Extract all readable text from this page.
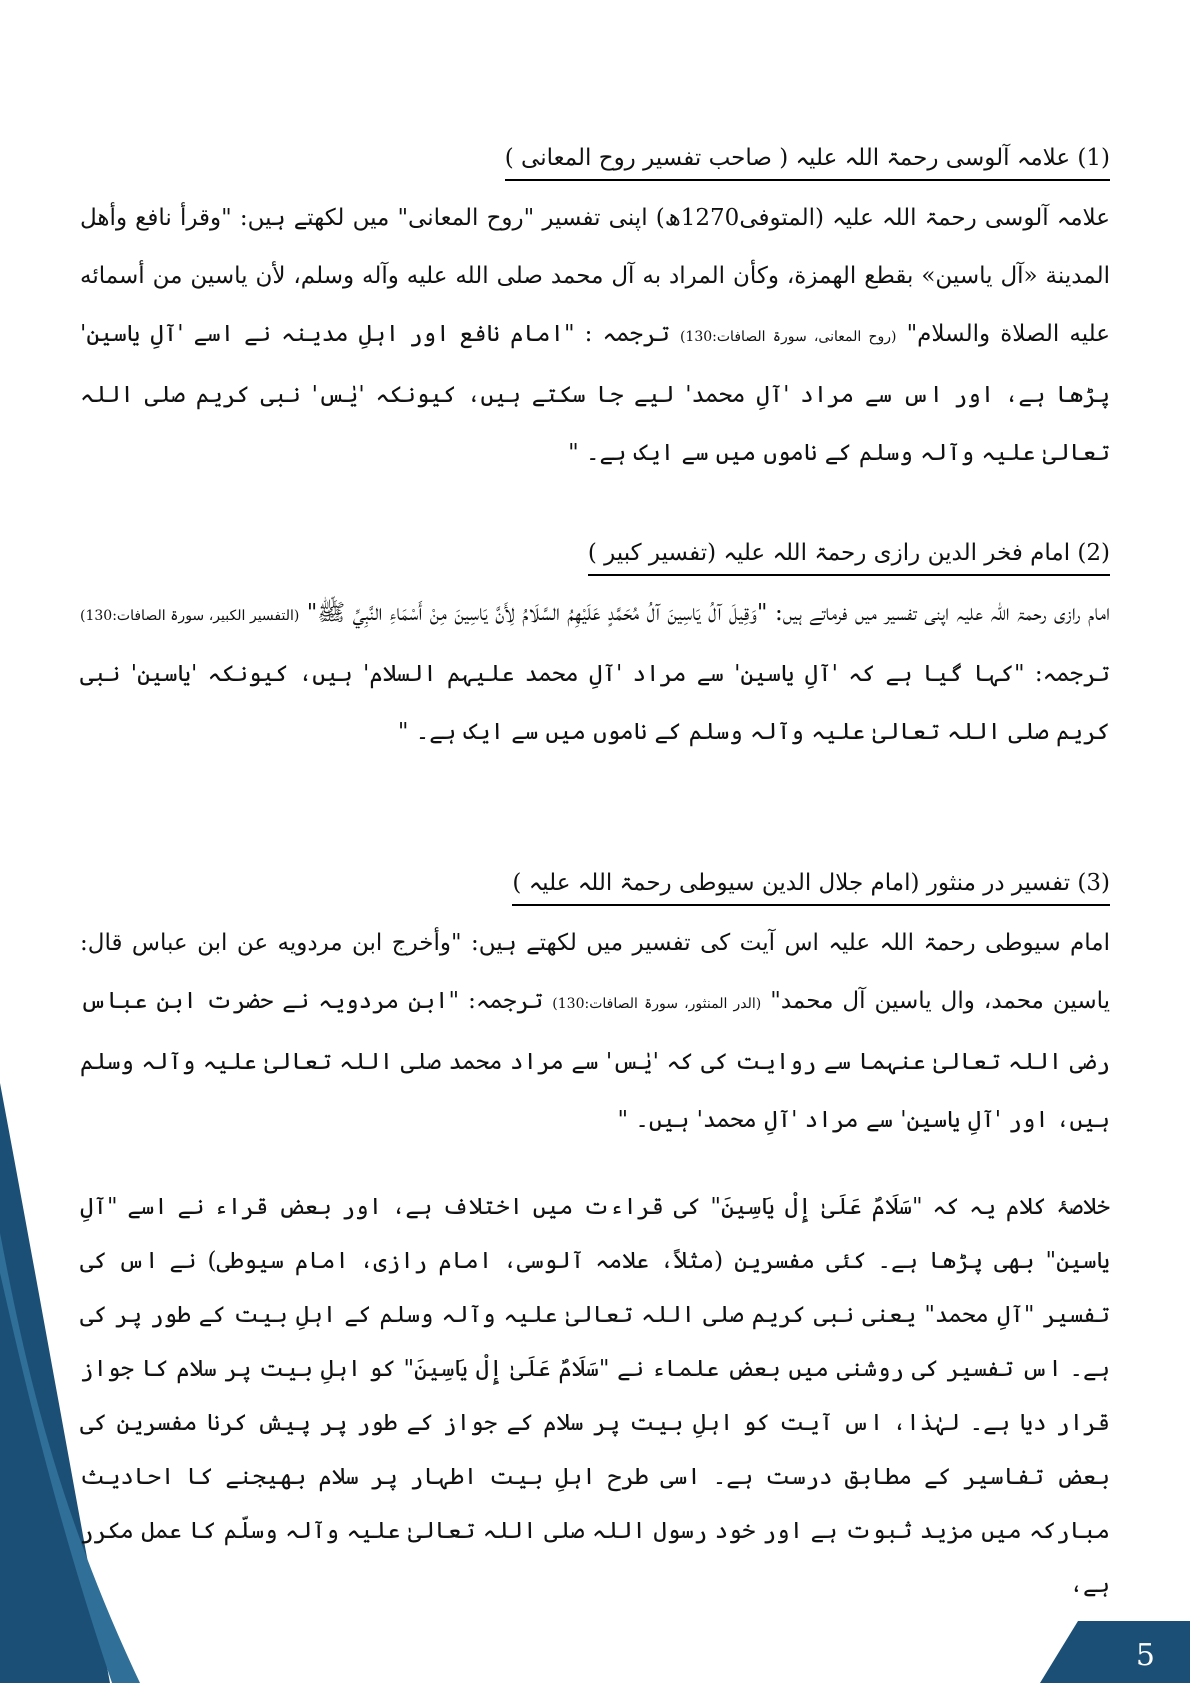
(1) علامہ آلوسی رحمۃ اللہ علیہ ( صاحب تفسیر روح المعانی )
علامہ آلوسی رحمۃ اللہ علیہ (المتوفی1270ھ) اپنی تفسیر "روح المعانی" میں لکھتے ہیں: "وقرأ نافع وأهل المدينة «آل ياسين» بقطع الهمزة، وكأن المراد به آل محمد صلى الله عليه وآله وسلم، لأن ياسين من أسمائه عليه الصلاة والسلام" (روح المعانی، سورۃ الصافات:130) ترجمہ : "امام نافع اور اہلِ مدینہ نے اسے 'آلِ یاسین' پڑھا ہے، اور اس سے مراد 'آلِ محمد' لیے جا سکتے ہیں، کیونکہ 'یٰس' نبی کریم صلی اللہ تعالیٰ علیہ وآلہ وسلم کے ناموں میں سے ایک ہے۔ "
(2) امام فخر الدین رازی رحمۃ اللہ علیہ (تفسیر کبیر )
امام رازی رحمۃ اللہ علیہ اپنی تفسیر میں فرماتے ہیں: "وَقِيلَ آلُ يَاسِينَ آلُ مُحَمَّدٍ عَلَيْهِمُ السَّلَامُ لِأَنَّ يَاسِينَ مِنْ أَسْمَاءِ النَّبِيِّ ﷺ" (التفسیر الکبیر، سورۃ الصافات:130) ترجمہ: "کہا گیا ہے کہ 'آلِ یاسین' سے مراد 'آلِ محمد علیہم السلام' ہیں، کیونکہ 'یاسین' نبی کریم صلی اللہ تعالیٰ علیہ وآلہ وسلم کے ناموں میں سے ایک ہے۔ "
(3) تفسیر در منثور (امام جلال الدین سیوطی رحمۃ اللہ علیہ )
امام سیوطی رحمۃ اللہ علیہ اس آیت کی تفسیر میں لکھتے ہیں: "وأخرج ابن مردويه عن ابن عباس قال: ياسين محمد، وال ياسين آل محمد" (الدر المنثور، سورۃ الصافات:130) ترجمہ: "ابن مردویہ نے حضرت ابن عباس رضی اللہ تعالیٰ عنہما سے روایت کی کہ 'یٰس' سے مراد محمد صلی اللہ تعالیٰ علیہ وآلہ وسلم ہیں، اور 'آلِ یاسین' سے مراد 'آلِ محمد' ہیں۔ "
خلاصۂ کلام یہ کہ "سَلَامٌ عَلَىٰ إِلْ يَاسِينَ" کی قراءت میں اختلاف ہے، اور بعض قراء نے اسے "آلِ یاسین" بھی پڑھا ہے۔ کئی مفسرین (مثلاً، علامہ آلوسی، امام رازی، امام سیوطی) نے اس کی تفسیر "آلِ محمد" یعنی نبی کریم صلی اللہ تعالیٰ علیہ وآلہ وسلم کے اہلِ بیت کے طور پر کی ہے۔ اس تفسیر کی روشنی میں بعض علماء نے "سَلَامٌ عَلَىٰ إِلْ يَاسِينَ" کو اہلِ بیت پر سلام کا جواز قرار دیا ہے۔ لہٰذا، اس آیت کو اہلِ بیت پر سلام کے جواز کے طور پر پیش کرنا مفسرین کی بعض تفاسیر کے مطابق درست ہے۔ اسی طرح اہلِ بیت اطہار پر سلام بھیجنے کا احادیث مبارکہ میں مزید ثبوت ہے اور خود رسول اللہ صلی اللہ تعالیٰ علیہ وآلہ وسلّم کا عمل مکرر ہے،
5
